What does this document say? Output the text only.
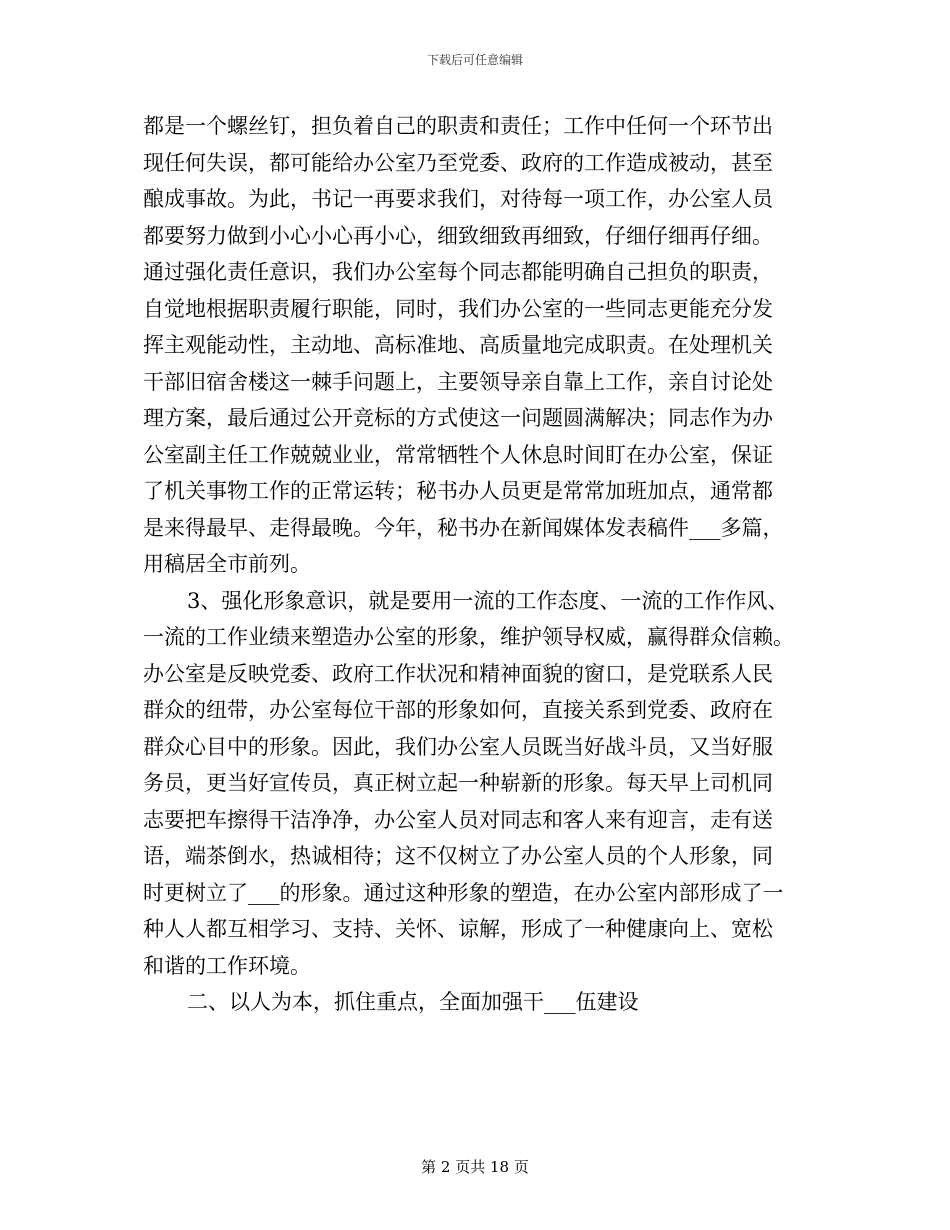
下载后可任意编辑
都是一个螺丝钉，担负着自己的职责和责任；工作中任何一个环节出
现任何失误，都可能给办公室乃至党委、政府的工作造成被动，甚至
酿成事故。为此，书记一再要求我们，对待每一项工作，办公室人员
都要努力做到小心小心再小心，细致细致再细致，仔细仔细再仔细。
通过强化责任意识，我们办公室每个同志都能明确自己担负的职责，
自觉地根据职责履行职能，同时，我们办公室的一些同志更能充分发
挥主观能动性，主动地、高标准地、高质量地完成职责。在处理机关
干部旧宿舍楼这一棘手问题上，主要领导亲自靠上工作，亲自讨论处
理方案，最后通过公开竞标的方式使这一问题圆满解决；同志作为办
公室副主任工作兢兢业业，常常牺牲个人休息时间盯在办公室，保证
了机关事物工作的正常运转；秘书办人员更是常常加班加点，通常都
是来得最早、走得最晚。今年，秘书办在新闻媒体发表稿件___多篇，
用稿居全市前列。
3、强化形象意识，就是要用一流的工作态度、一流的工作作风、
一流的工作业绩来塑造办公室的形象，维护领导权威，赢得群众信赖。
办公室是反映党委、政府工作状况和精神面貌的窗口，是党联系人民
群众的纽带，办公室每位干部的形象如何，直接关系到党委、政府在
群众心目中的形象。因此，我们办公室人员既当好战斗员，又当好服
务员，更当好宣传员，真正树立起一种崭新的形象。每天早上司机同
志要把车擦得干洁净净，办公室人员对同志和客人来有迎言，走有送
语，端茶倒水，热诚相待；这不仅树立了办公室人员的个人形象，同
时更树立了___的形象。通过这种形象的塑造，在办公室内部形成了一
种人人都互相学习、支持、关怀、谅解，形成了一种健康向上、宽松
和谐的工作环境。
二、以人为本，抓住重点，全面加强干___伍建设
第 2 页共 18 页
